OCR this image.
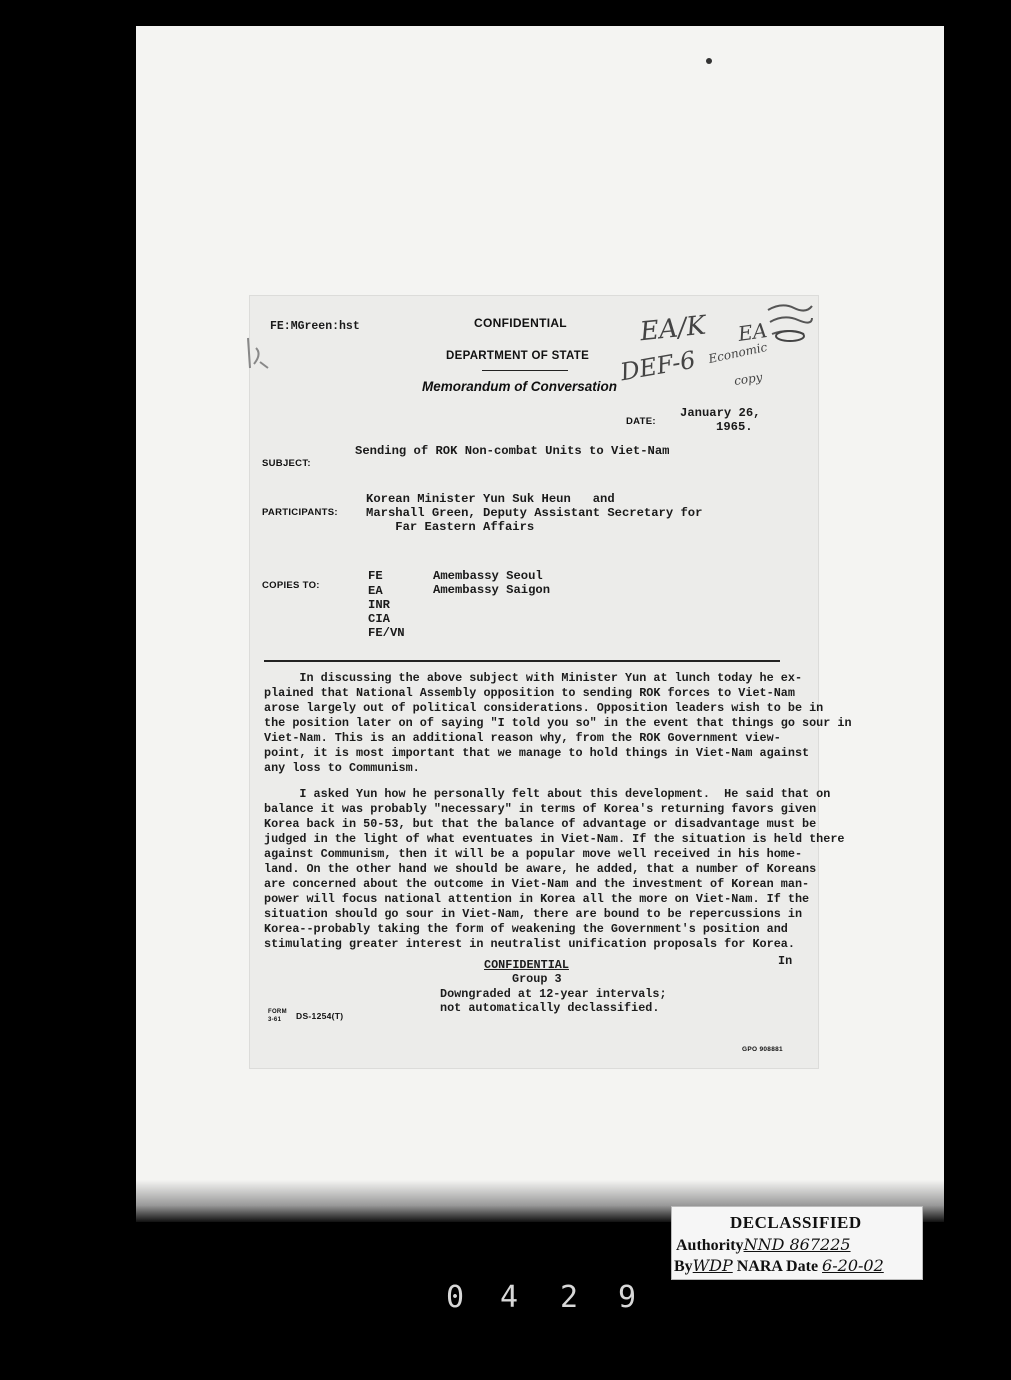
FE:MGreen:hst	CONFIDENTIAL
DEPARTMENT OF STATE
Memorandum of Conversation
EA/K EA
DEF-6 Economic
copy
DATE:
January 26,
1965.
SUBJECT:
Sending of ROK Non-combat Units to Viet-Nam
PARTICIPANTS:
Korean Minister Yun Suk Heun   and
Marshall Green, Deputy Assistant Secretary for
Far Eastern Affairs
COPIES TO:
FE
EA
INR
CIA
FE/VN
Amembassy Seoul
Amembassy Saigon
In discussing the above subject with Minister Yun at lunch today he ex-
plained that National Assembly opposition to sending ROK forces to Viet-Nam
arose largely out of political considerations. Opposition leaders wish to be in
the position later on of saying "I told you so" in the event that things go sour in
Viet-Nam. This is an additional reason why, from the ROK Government view-
point, it is most important that we manage to hold things in Viet-Nam against
any loss to Communism.
I asked Yun how he personally felt about this development.  He said that on
balance it was probably "necessary" in terms of Korea's returning favors given
Korea back in 50-53, but that the balance of advantage or disadvantage must be
judged in the light of what eventuates in Viet-Nam. If the situation is held there
against Communism, then it will be a popular move well received in his home-
land. On the other hand we should be aware, he added, that a number of Koreans
are concerned about the outcome in Viet-Nam and the investment of Korean man-
power will focus national attention in Korea all the more on Viet-Nam. If the
situation should go sour in Viet-Nam, there are bound to be repercussions in
Korea--probably taking the form of weakening the Government's position and
stimulating greater interest in neutralist unification proposals for Korea.
In
CONFIDENTIAL
Group 3
Downgraded at 12-year intervals;
not automatically declassified.
FORM
3-61 DS-1254(T)
GPO 908881
DECLASSIFIED
AuthorityNND 867225
ByWDP NARA Date 6-20-02
0 4 2 9
